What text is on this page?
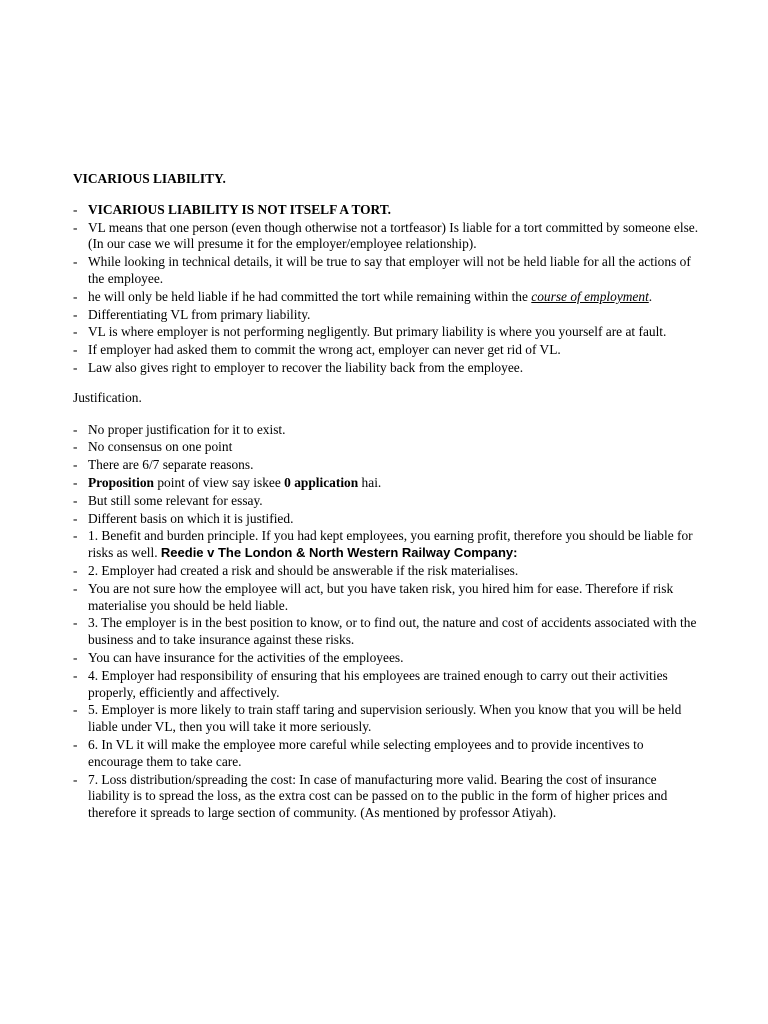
VICARIOUS LIABILITY.
- VICARIOUS LIABILITY IS NOT ITSELF A TORT.
- VL means that one person (even though otherwise not a tortfeasor) Is liable for a tort committed by someone else. (In our case we will presume it for the employer/employee relationship).
- While looking in technical details, it will be true to say that employer will not be held liable for all the actions of the employee.
- he will only be held liable if he had committed the tort while remaining within the course of employment.
- Differentiating VL from primary liability.
- VL is where employer is not performing negligently. But primary liability is where you yourself are at fault.
- If employer had asked them to commit the wrong act, employer can never get rid of VL.
- Law also gives right to employer to recover the liability back from the employee.
Justification.
- No proper justification for it to exist.
- No consensus on one point
- There are 6/7 separate reasons.
- Proposition point of view say iskee 0 application hai.
- But still some relevant for essay.
- Different basis on which it is justified.
- 1. Benefit and burden principle. If you had kept employees, you earning profit, therefore you should be liable for risks as well. Reedie v The London & North Western Railway Company:
- 2. Employer had created a risk and should be answerable if the risk materialises.
- You are not sure how the employee will act, but you have taken risk, you hired him for ease. Therefore if risk materialise you should be held liable.
- 3. The employer is in the best position to know, or to find out, the nature and cost of accidents associated with the business and to take insurance against these risks.
- You can have insurance for the activities of the employees.
- 4. Employer had responsibility of ensuring that his employees are trained enough to carry out their activities properly, efficiently and affectively.
- 5. Employer is more likely to train staff taring and supervision seriously. When you know that you will be held liable under VL, then you will take it more seriously.
- 6. In VL it will make the employee more careful while selecting employees and to provide incentives to encourage them to take care.
- 7. Loss distribution/spreading the cost: In case of manufacturing more valid. Bearing the cost of insurance liability is to spread the loss, as the extra cost can be passed on to the public in the form of higher prices and therefore it spreads to large section of community. (As mentioned by professor Atiyah).
